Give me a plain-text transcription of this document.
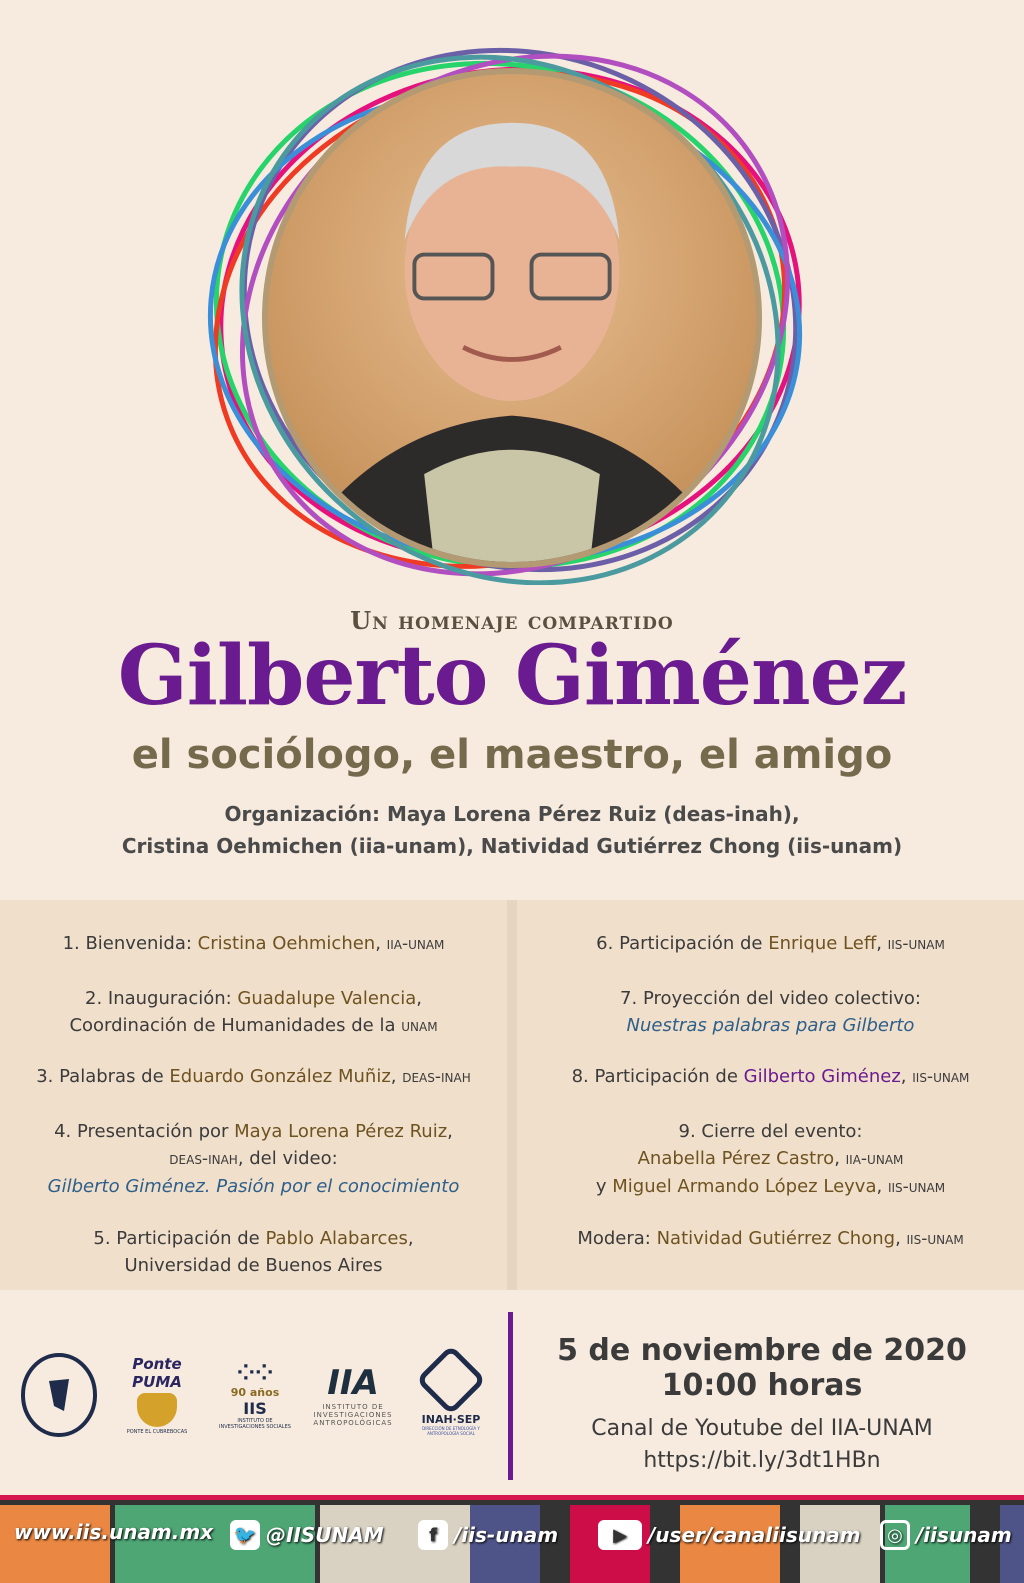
Un homenaje compartido
Gilberto Giménez
el sociólogo, el maestro, el amigo
Organización: Maya Lorena Pérez Ruiz (deas-inah),
Cristina Oehmichen (iia-unam), Natividad Gutiérrez Chong (iis-unam)
1. Bienvenida: Cristina Oehmichen, iia-unam
2. Inauguración: Guadalupe Valencia,
Coordinación de Humanidades de la unam
3. Palabras de Eduardo González Muñiz, deas-inah
4. Presentación por Maya Lorena Pérez Ruiz,
deas-inah, del video:
Gilberto Giménez. Pasión por el conocimiento
5. Participación de Pablo Alabarces,
Universidad de Buenos Aires
6. Participación de Enrique Leff, iis-unam
7. Proyección del video colectivo:
Nuestras palabras para Gilberto
8. Participación de Gilberto Giménez, iis-unam
9. Cierre del evento:
Anabella Pérez Castro, iia-unam
y Miguel Armando López Leyva, iis-unam
Modera: Natividad Gutiérrez Chong, iis-unam
Ponte PUMA
PONTE EL CUBREBOCAS
⁘⁘
90 años
IIS
INSTITUTO DE INVESTIGACIONES SOCIALES
IIA
INSTITUTO DE INVESTIGACIONES ANTROPOLÓGICAS	INAH·SEP
DIRECCIÓN DE ETNOLOGÍA Y ANTROPOLOGÍA SOCIAL
5 de noviembre de 2020
10:00 horas
Canal de Youtube del IIA-UNAM
https://bit.ly/3dt1HBn
www.iis.unam.mx 🐦 @IISUNAM	f /iis-unam	▶	/user/canaliisunam	◎ /iisunam
